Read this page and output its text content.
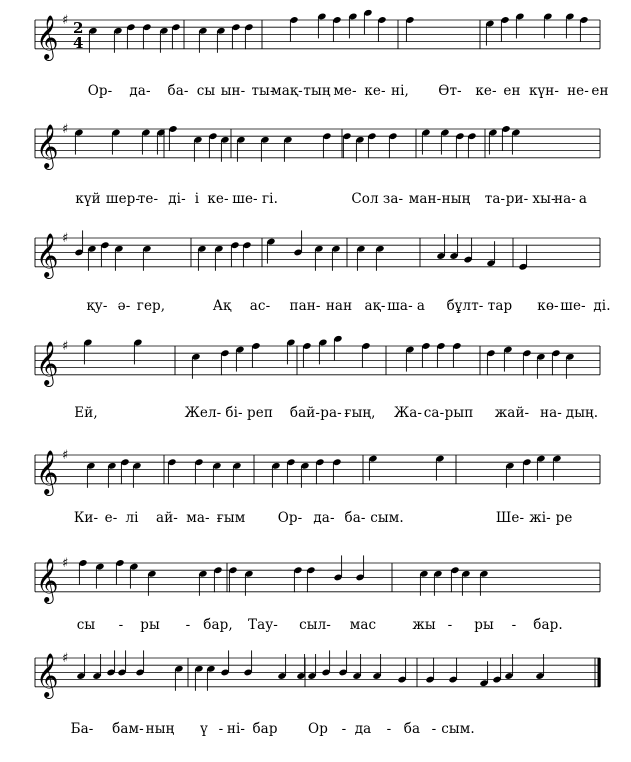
𝄞 ♯ 2
4
𝄞 ♯
𝄞 ♯
𝄞 ♯
𝄞 ♯
𝄞 ♯
𝄞 ♯
Ор- да- ба- сы ын- ты-
мақ- тың ме- ке- ні, Өт- ке- ен күн- не- ен
күй шер-
те- ді- і ке- ше- гі.	Сол за- ман- ның та- ри- хы-
на- а
қу- ә- гер,	Ақ ас- пан- нан ақ- ша- а бұлт- тар кө- ше- ді.
Ей,	Жел- бі- реп бай- ра- ғың, Жа- са- рып жай- на- дың.
Ки- е- лі ай- ма- ғым Ор- да- ба- сым.	Ше- жі- ре
сы - ры - бар, Тау- сыл- мас	жы - ры - бар.
Ба- бам- ның ү - ні- бар Ор - да - ба - сым.
